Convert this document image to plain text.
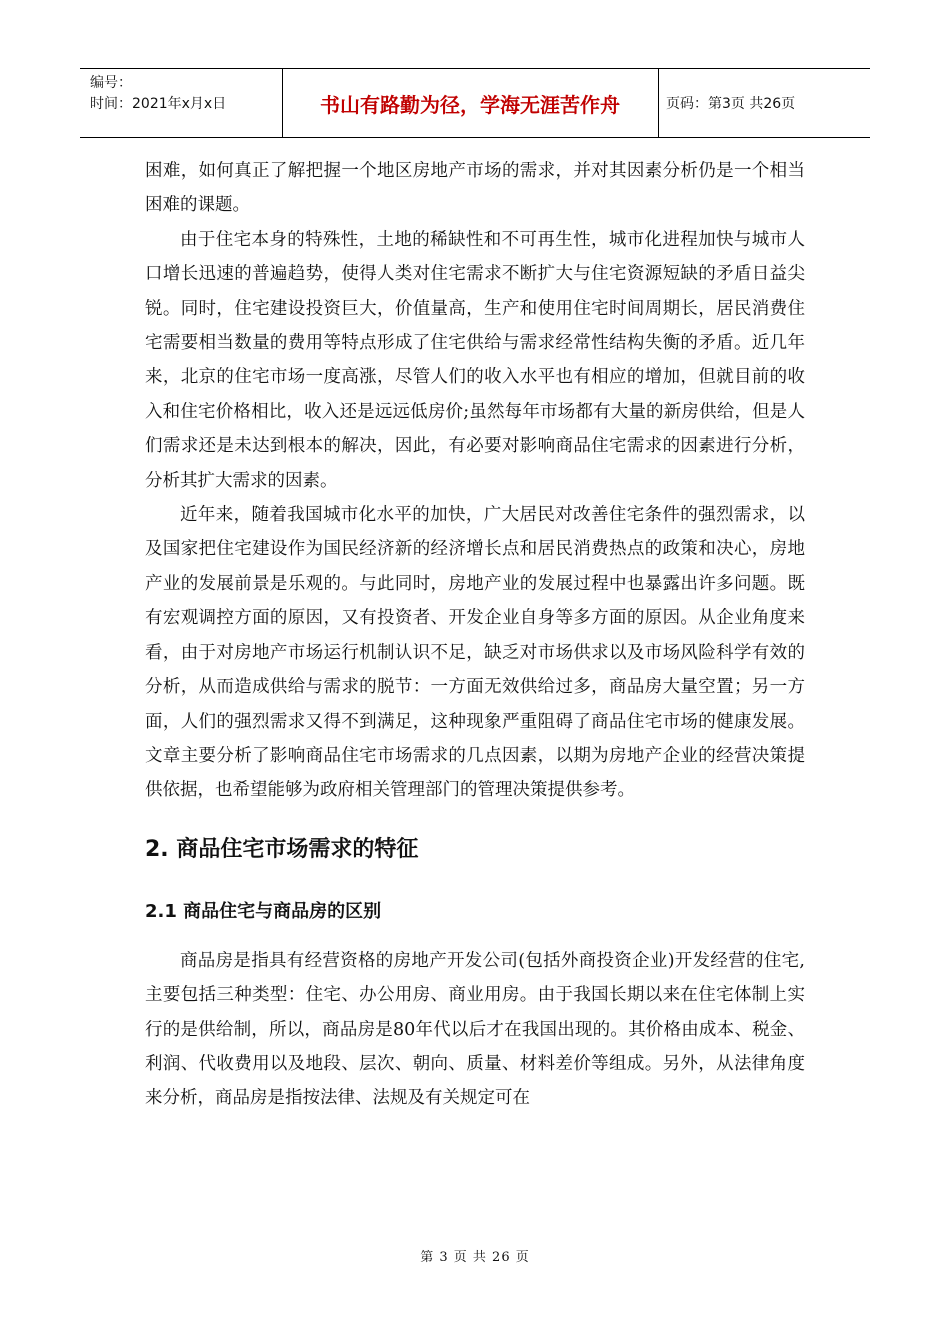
编号：
时间：2021年x月x日	书山有路勤为径，学海无涯苦作舟	页码：第3页 共26页

困难，如何真正了解把握一个地区房地产市场的需求，并对其因素分析仍是一个相当困难的课题。

由于住宅本身的特殊性，土地的稀缺性和不可再生性，城市化进程加快与城市人口增长迅速的普遍趋势，使得人类对住宅需求不断扩大与住宅资源短缺的矛盾日益尖锐。同时，住宅建设投资巨大，价值量高，生产和使用住宅时间周期长，居民消费住宅需要相当数量的费用等特点形成了住宅供给与需求经常性结构失衡的矛盾。近几年来，北京的住宅市场一度高涨，尽管人们的收入水平也有相应的增加，但就目前的收入和住宅价格相比，收入还是远远低房价;虽然每年市场都有大量的新房供给，但是人们需求还是未达到根本的解决，因此，有必要对影响商品住宅需求的因素进行分析，分析其扩大需求的因素。

近年来，随着我国城市化水平的加快，广大居民对改善住宅条件的强烈需求，以及国家把住宅建设作为国民经济新的经济增长点和居民消费热点的政策和决心，房地产业的发展前景是乐观的。与此同时，房地产业的发展过程中也暴露出许多问题。既有宏观调控方面的原因，又有投资者、开发企业自身等多方面的原因。从企业角度来看，由于对房地产市场运行机制认识不足，缺乏对市场供求以及市场风险科学有效的分析，从而造成供给与需求的脱节：一方面无效供给过多，商品房大量空置；另一方面，人们的强烈需求又得不到满足，这种现象严重阻碍了商品住宅市场的健康发展。文章主要分析了影响商品住宅市场需求的几点因素，以期为房地产企业的经营决策提供依据，也希望能够为政府相关管理部门的管理决策提供参考。

2. 商品住宅市场需求的特征
2.1 商品住宅与商品房的区别

商品房是指具有经营资格的房地产开发公司(包括外商投资企业)开发经营的住宅,主要包括三种类型：住宅、办公用房、商业用房。由于我国长期以来在住宅体制上实行的是供给制，所以，商品房是80年代以后才在我国出现的。其价格由成本、税金、利润、代收费用以及地段、层次、朝向、质量、材料差价等组成。另外，从法律角度来分析，商品房是指按法律、法规及有关规定可在

第 3 页 共 26 页
